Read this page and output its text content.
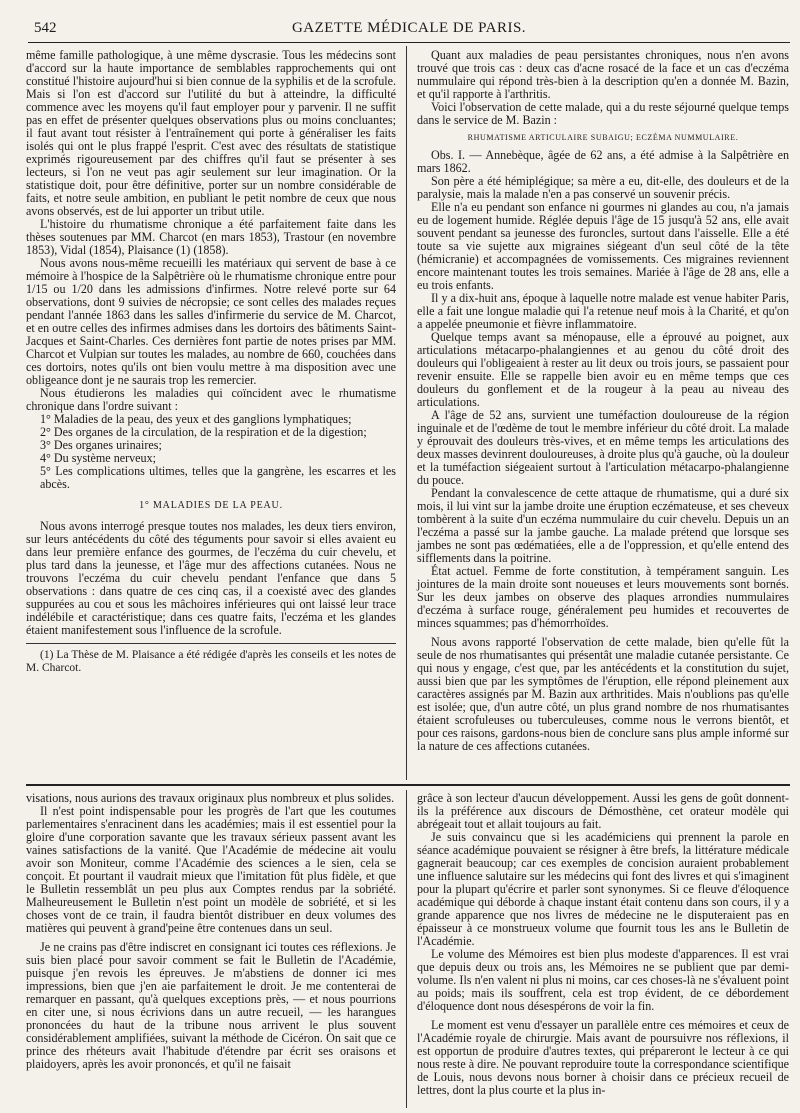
542	GAZETTE MÉDICALE DE PARIS.

même famille pathologique, à une même dyscrasie. Tous les médecins sont d'accord sur la haute importance de semblables rapprochements qui ont constitué l'histoire aujourd'hui si bien connue de la syphilis et de la scrofule. Mais si l'on est d'accord sur l'utilité du but à atteindre, la difficulté commence avec les moyens qu'il faut employer pour y parvenir. Il ne suffit pas en effet de présenter quelques observations plus ou moins concluantes; il faut avant tout résister à l'entraînement qui porte à généraliser les faits isolés qui ont le plus frappé l'esprit. C'est avec des résultats de statistique exprimés rigoureusement par des chiffres qu'il faut se présenter à ses lecteurs, si l'on ne veut pas agir seulement sur leur imagination. Or la statistique doit, pour être définitive, porter sur un nombre considérable de faits, et notre seule ambition, en publiant le petit nombre de ceux que nous avons observés, est de lui apporter un tribut utile.

L'histoire du rhumatisme chronique a été parfaitement faite dans les thèses soutenues par MM. Charcot (en mars 1853), Trastour (en novembre 1853), Vidal (1854), Plaisance (1) (1858).

Nous avons nous-même recueilli les matériaux qui servent de base à ce mémoire à l'hospice de la Salpêtrière où le rhumatisme chronique entre pour 1/15 ou 1/20 dans les admissions d'infirmes. Notre relevé porte sur 64 observations, dont 9 suivies de nécropsie; ce sont celles des malades reçues pendant l'année 1863 dans les salles d'infirmerie du service de M. Charcot, et en outre celles des infirmes admises dans les dortoirs des bâtiments Saint-Jacques et Saint-Charles. Ces dernières font partie de notes prises par MM. Charcot et Vulpian sur toutes les malades, au nombre de 660, couchées dans ces dortoirs, notes qu'ils ont bien voulu mettre à ma disposition avec une obligeance dont je ne saurais trop les remercier.

Nous étudierons les maladies qui coïncident avec le rhumatisme chronique dans l'ordre suivant :

1° Maladies de la peau, des yeux et des ganglions lymphatiques;

2° Des organes de la circulation, de la respiration et de la digestion;

3° Des organes urinaires;

4° Du système nerveux;

5° Les complications ultimes, telles que la gangrène, les escarres et les abcès.

1° MALADIES DE LA PEAU.

Nous avons interrogé presque toutes nos malades, les deux tiers environ, sur leurs antécédents du côté des téguments pour savoir si elles avaient eu dans leur première enfance des gourmes, de l'eczéma du cuir chevelu, et plus tard dans la jeunesse, et l'âge mur des affections cutanées. Nous ne trouvons l'eczéma du cuir chevelu pendant l'enfance que dans 5 observations : dans quatre de ces cinq cas, il a coexisté avec des glandes suppurées au cou et sous les mâchoires inférieures qui ont laissé leur trace indélébile et caractéristique; dans ces quatre faits, l'eczéma et les glandes étaient manifestement sous l'influence de la scrofule.

(1) La Thèse de M. Plaisance a été rédigée d'après les conseils et les notes de M. Charcot.

Quant aux maladies de peau persistantes chroniques, nous n'en avons trouvé que trois cas : deux cas d'acne rosacé de la face et un cas d'eczéma nummulaire qui répond très-bien à la description qu'en a donnée M. Bazin, et qu'il rapporte à l'arthritis.

Voici l'observation de cette malade, qui a du reste séjourné quelque temps dans le service de M. Bazin :

RHUMATISME ARTICULAIRE SUBAIGU; ECZÉMA NUMMULAIRE.

Obs. I. — Annebèque, âgée de 62 ans, a été admise à la Salpêtrière en mars 1862.

Son père a été hémiplégique; sa mère a eu, dit-elle, des douleurs et de la paralysie, mais la malade n'en a pas conservé un souvenir précis.

Elle n'a eu pendant son enfance ni gourmes ni glandes au cou, n'a jamais eu de logement humide. Réglée depuis l'âge de 15 jusqu'à 52 ans, elle avait souvent pendant sa jeunesse des furoncles, surtout dans l'aisselle. Elle a été toute sa vie sujette aux migraines siégeant d'un seul côté de la tête (hémicranie) et accompagnées de vomissements. Ces migraines reviennent encore maintenant toutes les trois semaines. Mariée à l'âge de 28 ans, elle a eu trois enfants.

Il y a dix-huit ans, époque à laquelle notre malade est venue habiter Paris, elle a fait une longue maladie qui l'a retenue neuf mois à la Charité, et qu'on a appelée pneumonie et fièvre inflammatoire.

Quelque temps avant sa ménopause, elle a éprouvé au poignet, aux articulations métacarpo-phalangiennes et au genou du côté droit des douleurs qui l'obligeaient à rester au lit deux ou trois jours, se passaient pour revenir ensuite. Elle se rappelle bien avoir eu en même temps que ces douleurs du gonflement et de la rougeur à la peau au niveau des articulations.

A l'âge de 52 ans, survient une tuméfaction douloureuse de la région inguinale et de l'œdème de tout le membre inférieur du côté droit. La malade y éprouvait des douleurs très-vives, et en même temps les articulations des deux masses devinrent douloureuses, à droite plus qu'à gauche, où la douleur et la tuméfaction siégeaient surtout à l'articulation métacarpo-phalangienne du pouce.

Pendant la convalescence de cette attaque de rhumatisme, qui a duré six mois, il lui vint sur la jambe droite une éruption eczémateuse, et ses cheveux tombèrent à la suite d'un eczéma nummulaire du cuir chevelu. Depuis un an l'eczéma a passé sur la jambe gauche. La malade prétend que lorsque ses jambes ne sont pas œdématiées, elle a de l'oppression, et qu'elle entend des sifflements dans la poitrine.

État actuel. Femme de forte constitution, à tempérament sanguin. Les jointures de la main droite sont noueuses et leurs mouvements sont bornés. Sur les deux jambes on observe des plaques arrondies nummulaires d'eczéma à surface rouge, généralement peu humides et recouvertes de minces squammes; pas d'hémorrhoïdes.

Nous avons rapporté l'observation de cette malade, bien qu'elle fût la seule de nos rhumatisantes qui présentât une maladie cutanée persistante. Ce qui nous y engage, c'est que, par les antécédents et la constitution du sujet, aussi bien que par les symptômes de l'éruption, elle répond pleinement aux caractères assignés par M. Bazin aux arthritides. Mais n'oublions pas qu'elle est isolée; que, d'un autre côté, un plus grand nombre de nos rhumatisantes étaient scrofuleuses ou tuberculeuses, comme nous le verrons bientôt, et pour ces raisons, gardons-nous bien de conclure sans plus ample informé sur la nature de ces affections cutanées.

visations, nous aurions des travaux originaux plus nombreux et plus solides.

Il n'est point indispensable pour les progrès de l'art que les coutumes parlementaires s'enracinent dans les académies; mais il est essentiel pour la gloire d'une corporation savante que les travaux sérieux passent avant les vaines satisfactions de la vanité. Que l'Académie de médecine ait voulu avoir son Moniteur, comme l'Académie des sciences a le sien, cela se conçoit. Et pourtant il vaudrait mieux que l'imitation fût plus fidèle, et que le Bulletin ressemblât un peu plus aux Comptes rendus par la sobriété. Malheureusement le Bulletin n'est point un modèle de sobriété, et si les choses vont de ce train, il faudra bientôt distribuer en deux volumes des matières qui peuvent à grand'peine être contenues dans un seul.

Je ne crains pas d'être indiscret en consignant ici toutes ces réflexions. Je suis bien placé pour savoir comment se fait le Bulletin de l'Académie, puisque j'en revois les épreuves. Je m'abstiens de donner ici mes impressions, bien que j'en aie parfaitement le droit. Je me contenterai de remarquer en passant, qu'à quelques exceptions près, — et nous pourrions en citer une, si nous écrivions dans un autre recueil, — les harangues prononcées du haut de la tribune nous arrivent le plus souvent considérablement amplifiées, suivant la méthode de Cicéron. On sait que ce prince des rhéteurs avait l'habitude d'étendre par écrit ses oraisons et plaidoyers, après les avoir prononcés, et qu'il ne faisait

grâce à son lecteur d'aucun développement. Aussi les gens de goût donnent-ils la préférence aux discours de Démosthène, cet orateur modèle qui abrégeait tout et allait toujours au fait.

Je suis convaincu que si les académiciens qui prennent la parole en séance académique pouvaient se résigner à être brefs, la littérature médicale gagnerait beaucoup; car ces exemples de concision auraient probablement une influence salutaire sur les médecins qui font des livres et qui s'imaginent pour la plupart qu'écrire et parler sont synonymes. Si ce fleuve d'éloquence académique qui déborde à chaque instant était contenu dans son cours, il y a grande apparence que nos livres de médecine ne le disputeraient pas en épaisseur à ce monstrueux volume que fournit tous les ans le Bulletin de l'Académie.

Le volume des Mémoires est bien plus modeste d'apparences. Il est vrai que depuis deux ou trois ans, les Mémoires ne se publient que par demi-volume. Ils n'en valent ni plus ni moins, car ces choses-là ne s'évaluent point au poids; mais ils souffrent, cela est trop évident, de ce débordement d'éloquence dont nous désespérons de voir la fin.

Le moment est venu d'essayer un parallèle entre ces mémoires et ceux de l'Académie royale de chirurgie. Mais avant de poursuivre nos réflexions, il est opportun de produire d'autres textes, qui prépareront le lecteur à ce qui nous reste à dire. Ne pouvant reproduire toute la correspondance scientifique de Louis, nous devons nous borner à choisir dans ce précieux recueil de lettres, dont la plus courte et la plus in-
